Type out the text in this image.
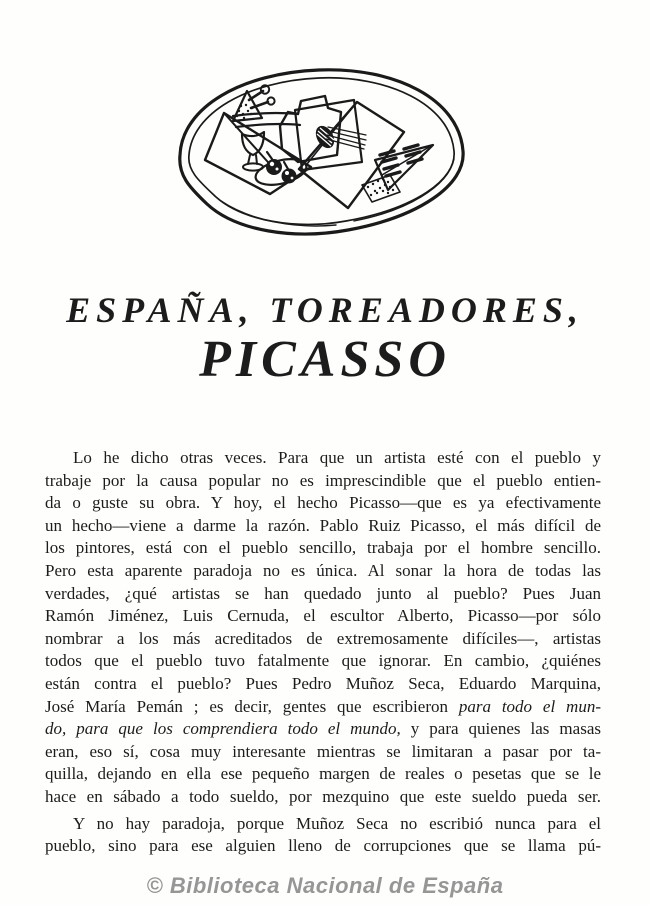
ESPAÑA, TOREADORES,
PICASSO
Lo he dicho otras veces. Para que un artista esté con el pueblo y
trabaje por la causa popular no es imprescindible que el pueblo entien-
da o guste su obra. Y hoy, el hecho Picasso—que es ya efectivamente
un hecho—viene a darme la razón. Pablo Ruiz Picasso, el más difícil de
los pintores, está con el pueblo sencillo, trabaja por el hombre sencillo.
Pero esta aparente paradoja no es única. Al sonar la hora de todas las
verdades, ¿qué artistas se han quedado junto al pueblo? Pues Juan
Ramón Jiménez, Luis Cernuda, el escultor Alberto, Picasso—por sólo
nombrar a los más acreditados de extremosamente difíciles—, artistas
todos que el pueblo tuvo fatalmente que ignorar. En cambio, ¿quiénes
están contra el pueblo? Pues Pedro Muñoz Seca, Eduardo Marquina,
José María Pemán ; es decir, gentes que escribieron para todo el mun-
do, para que los comprendiera todo el mundo, y para quienes las masas
eran, eso sí, cosa muy interesante mientras se limitaran a pasar por ta-
quilla, dejando en ella ese pequeño margen de reales o pesetas que se le
hace en sábado a todo sueldo, por mezquino que este sueldo pueda ser.
Y no hay paradoja, porque Muñoz Seca no escribió nunca para el
pueblo, sino para ese alguien lleno de corrupciones que se llama pú-
© Biblioteca Nacional de España
